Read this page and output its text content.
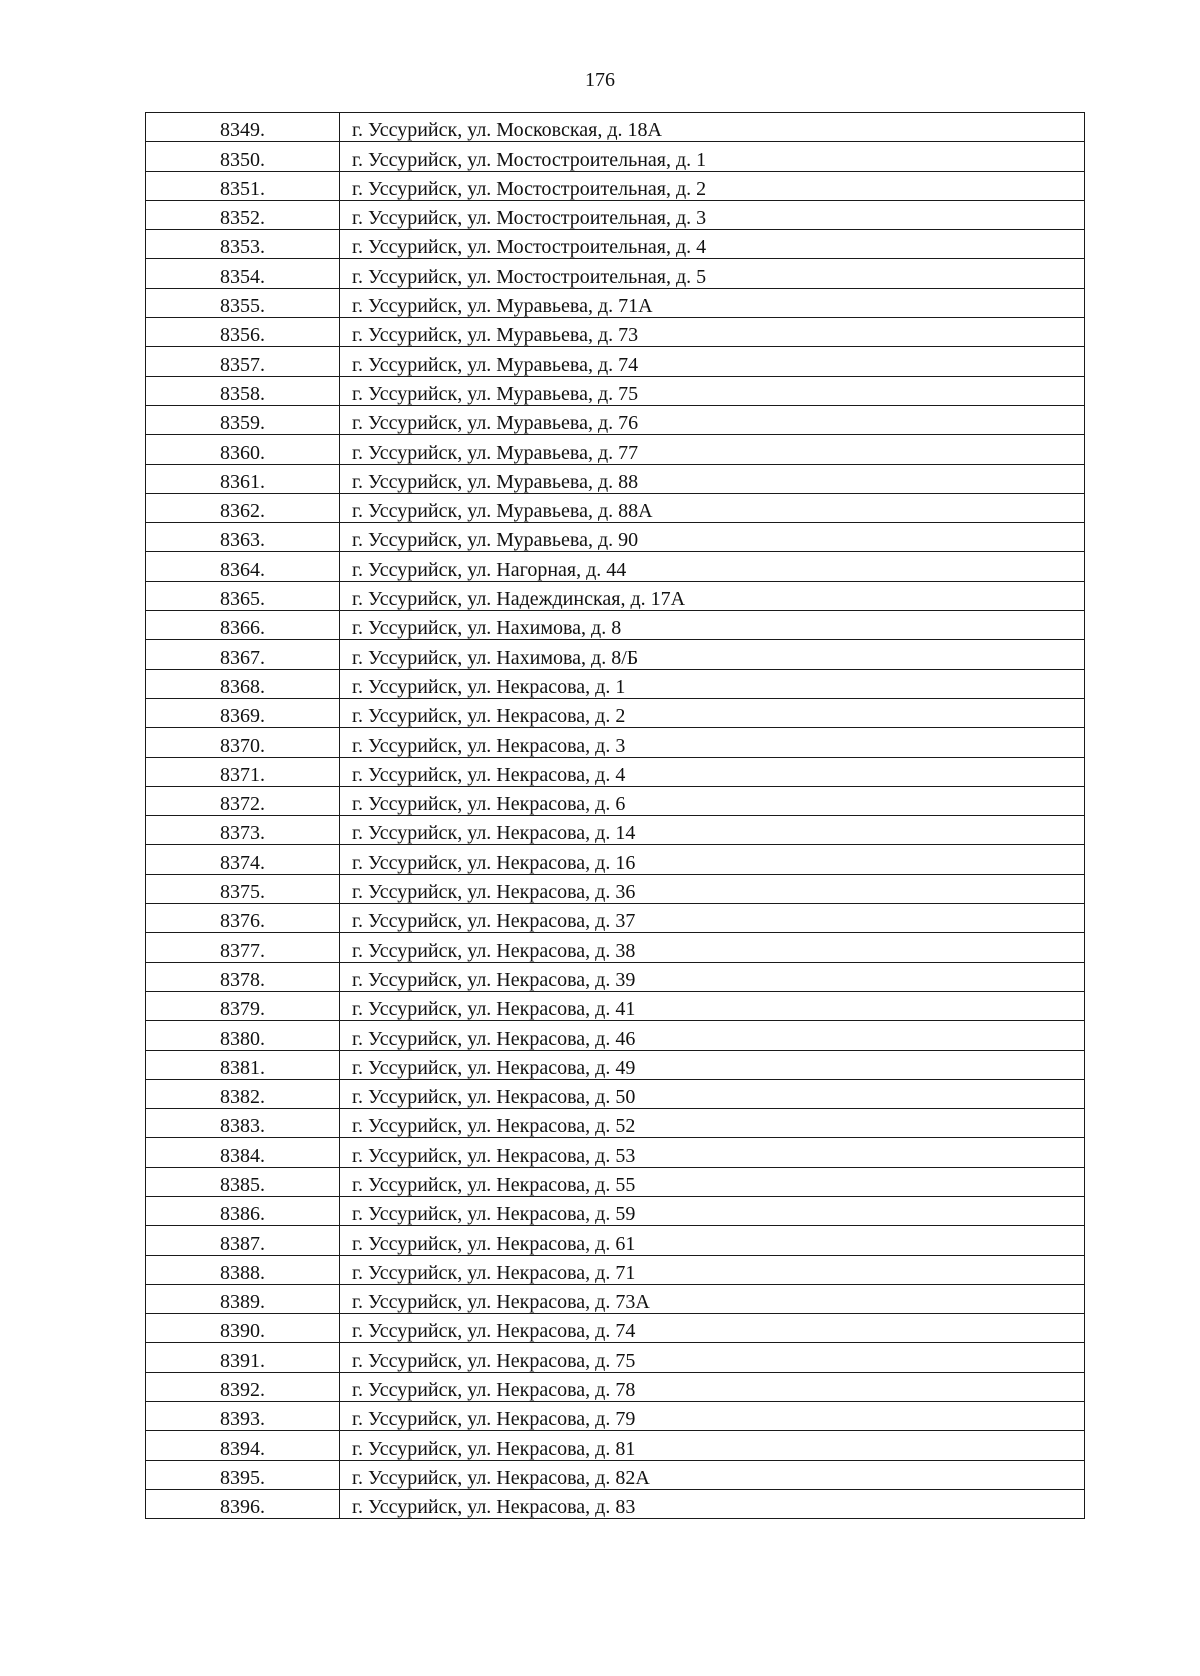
176
8349.	г. Уссурийск, ул. Московская, д. 18А
8350.	г. Уссурийск, ул. Мостостроительная, д. 1
8351.	г. Уссурийск, ул. Мостостроительная, д. 2
8352.	г. Уссурийск, ул. Мостостроительная, д. 3
8353.	г. Уссурийск, ул. Мостостроительная, д. 4
8354.	г. Уссурийск, ул. Мостостроительная, д. 5
8355.	г. Уссурийск, ул. Муравьева, д. 71А
8356.	г. Уссурийск, ул. Муравьева, д. 73
8357.	г. Уссурийск, ул. Муравьева, д. 74
8358.	г. Уссурийск, ул. Муравьева, д. 75
8359.	г. Уссурийск, ул. Муравьева, д. 76
8360.	г. Уссурийск, ул. Муравьева, д. 77
8361.	г. Уссурийск, ул. Муравьева, д. 88
8362.	г. Уссурийск, ул. Муравьева, д. 88А
8363.	г. Уссурийск, ул. Муравьева, д. 90
8364.	г. Уссурийск, ул. Нагорная, д. 44
8365.	г. Уссурийск, ул. Надеждинская, д. 17А
8366.	г. Уссурийск, ул. Нахимова, д. 8
8367.	г. Уссурийск, ул. Нахимова, д. 8/Б
8368.	г. Уссурийск, ул. Некрасова, д. 1
8369.	г. Уссурийск, ул. Некрасова, д. 2
8370.	г. Уссурийск, ул. Некрасова, д. 3
8371.	г. Уссурийск, ул. Некрасова, д. 4
8372.	г. Уссурийск, ул. Некрасова, д. 6
8373.	г. Уссурийск, ул. Некрасова, д. 14
8374.	г. Уссурийск, ул. Некрасова, д. 16
8375.	г. Уссурийск, ул. Некрасова, д. 36
8376.	г. Уссурийск, ул. Некрасова, д. 37
8377.	г. Уссурийск, ул. Некрасова, д. 38
8378.	г. Уссурийск, ул. Некрасова, д. 39
8379.	г. Уссурийск, ул. Некрасова, д. 41
8380.	г. Уссурийск, ул. Некрасова, д. 46
8381.	г. Уссурийск, ул. Некрасова, д. 49
8382.	г. Уссурийск, ул. Некрасова, д. 50
8383.	г. Уссурийск, ул. Некрасова, д. 52
8384.	г. Уссурийск, ул. Некрасова, д. 53
8385.	г. Уссурийск, ул. Некрасова, д. 55
8386.	г. Уссурийск, ул. Некрасова, д. 59
8387.	г. Уссурийск, ул. Некрасова, д. 61
8388.	г. Уссурийск, ул. Некрасова, д. 71
8389.	г. Уссурийск, ул. Некрасова, д. 73А
8390.	г. Уссурийск, ул. Некрасова, д. 74
8391.	г. Уссурийск, ул. Некрасова, д. 75
8392.	г. Уссурийск, ул. Некрасова, д. 78
8393.	г. Уссурийск, ул. Некрасова, д. 79
8394.	г. Уссурийск, ул. Некрасова, д. 81
8395.	г. Уссурийск, ул. Некрасова, д. 82А
8396.	г. Уссурийск, ул. Некрасова, д. 83
